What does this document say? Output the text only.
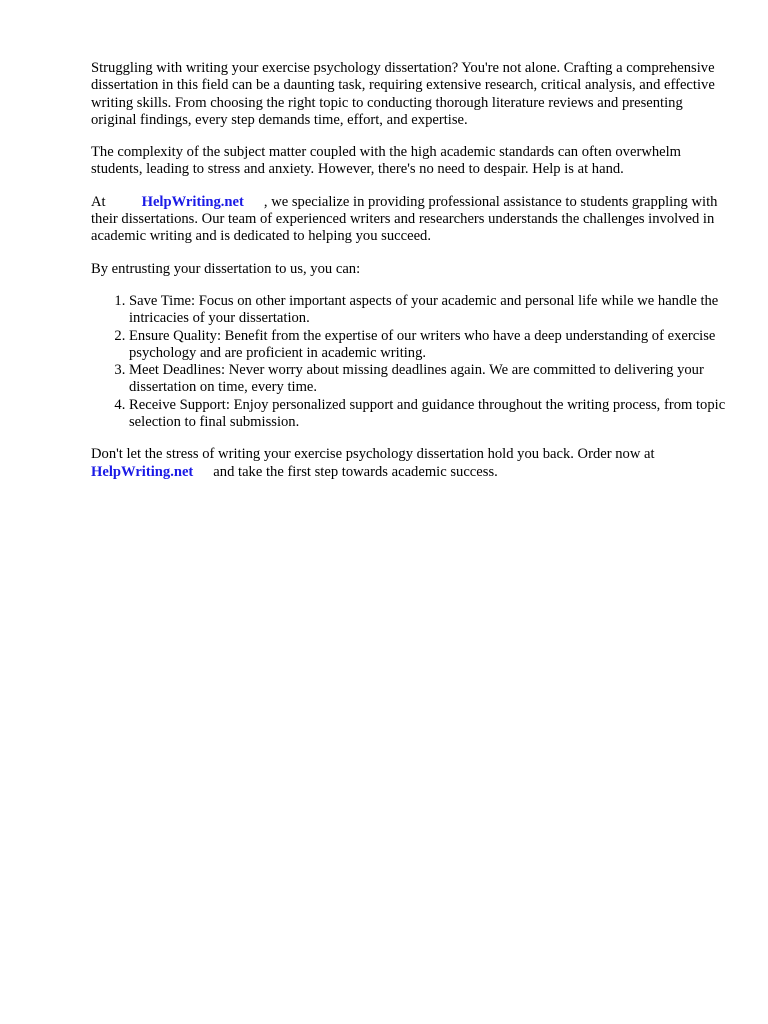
Struggling with writing your exercise psychology dissertation? You're not alone. Crafting a comprehensive dissertation in this field can be a daunting task, requiring extensive research, critical analysis, and effective writing skills. From choosing the right topic to conducting thorough literature reviews and presenting original findings, every step demands time, effort, and expertise.

The complexity of the subject matter coupled with the high academic standards can often overwhelm students, leading to stress and anxiety. However, there's no need to despair. Help is at hand.

At HelpWriting.net , we specialize in providing professional assistance to students grappling with their dissertations. Our team of experienced writers and researchers understands the challenges involved in academic writing and is dedicated to helping you succeed.

By entrusting your dissertation to us, you can:

1. Save Time: Focus on other important aspects of your academic and personal life while we handle the intricacies of your dissertation.
2. Ensure Quality: Benefit from the expertise of our writers who have a deep understanding of exercise psychology and are proficient in academic writing.
3. Meet Deadlines: Never worry about missing deadlines again. We are committed to delivering your dissertation on time, every time.
4. Receive Support: Enjoy personalized support and guidance throughout the writing process, from topic selection to final submission.

Don't let the stress of writing your exercise psychology dissertation hold you back. Order now at HelpWriting.net and take the first step towards academic success.
